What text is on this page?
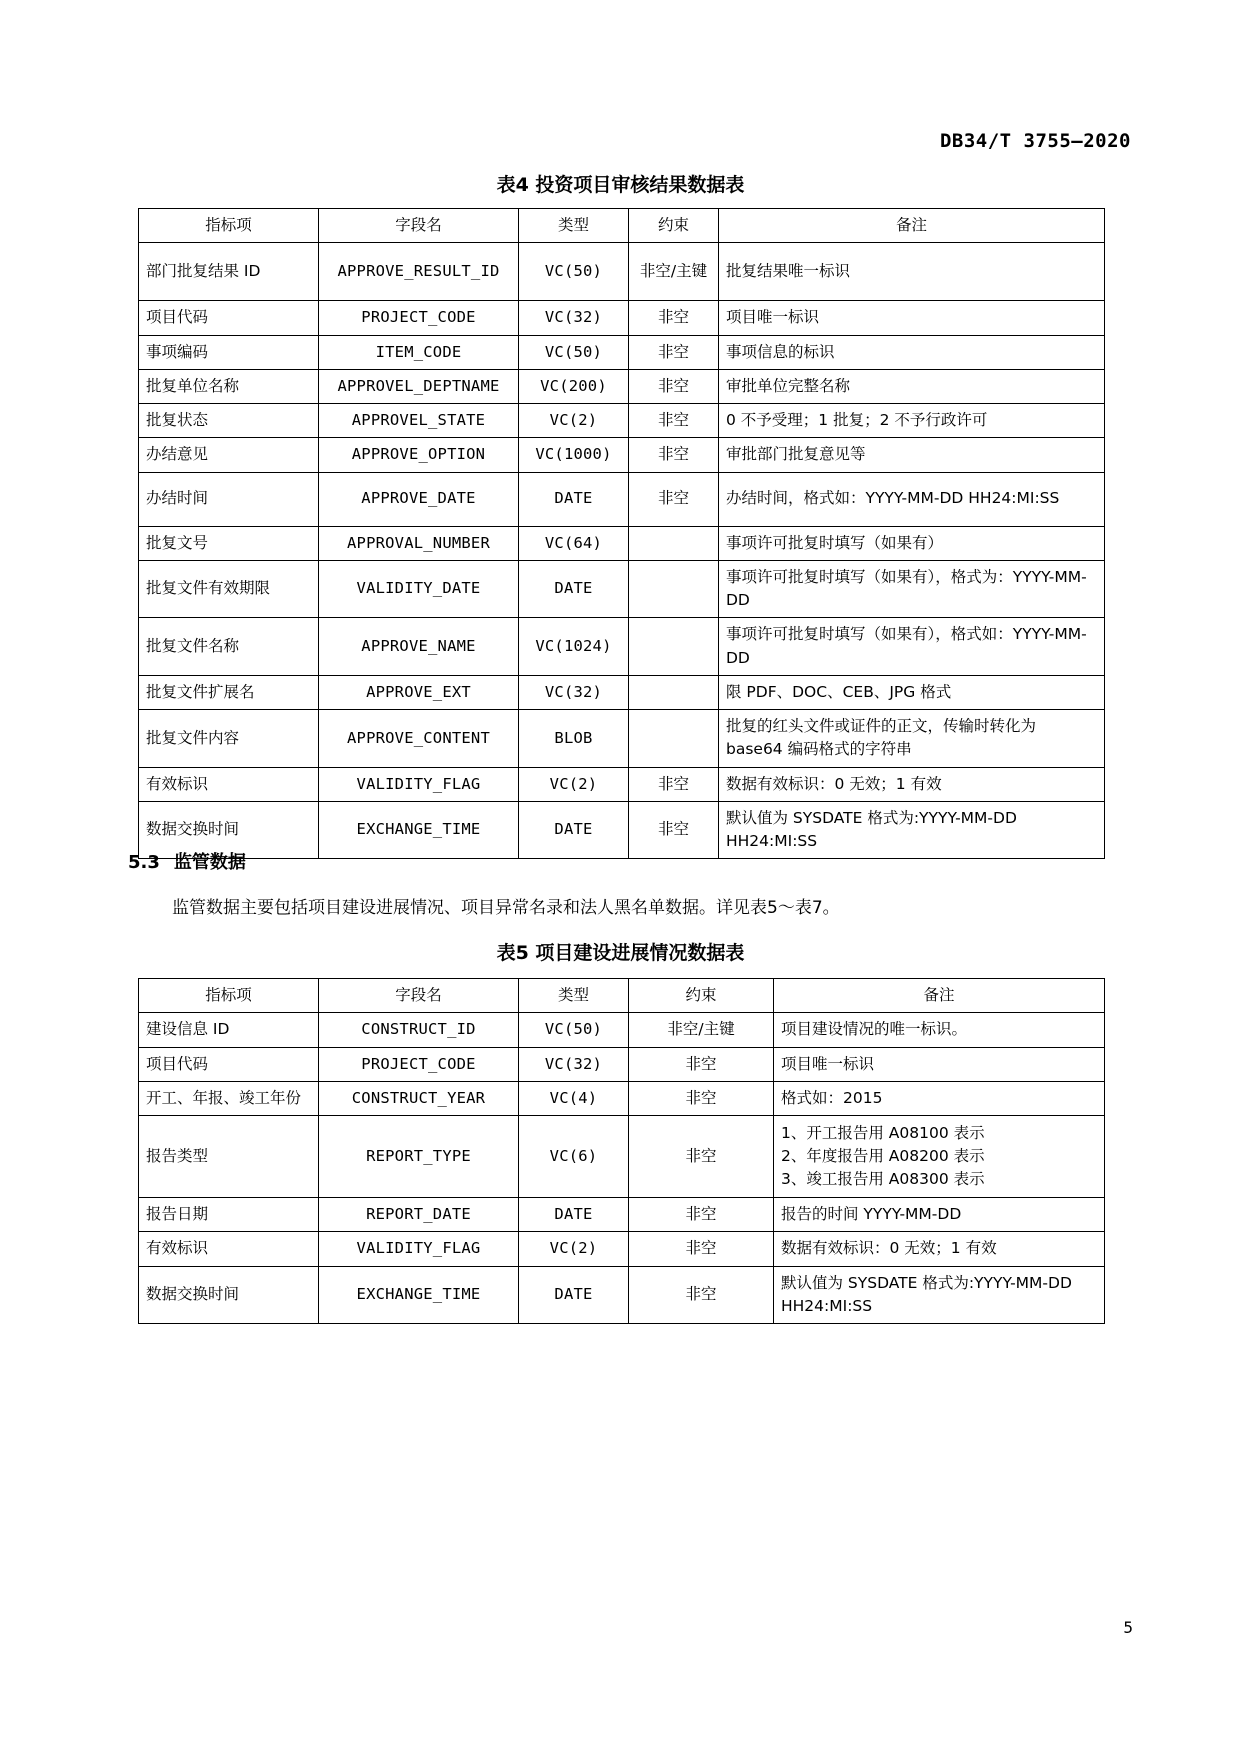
DB34/T 3755—2020
表4 投资项目审核结果数据表
指标项	字段名	类型	约束	备注

部门批复结果 ID	APPROVE_RESULT_ID	VC(50)	非空/主键	批复结果唯一标识

项目代码	PROJECT_CODE	VC(32)	非空	项目唯一标识

事项编码	ITEM_CODE	VC(50)	非空	事项信息的标识

批复单位名称	APPROVEL_DEPTNAME	VC(200)	非空	审批单位完整名称

批复状态	APPROVEL_STATE	VC(2)	非空	0 不予受理；1 批复；2 不予行政许可

办结意见	APPROVE_OPTION	VC(1000)	非空	审批部门批复意见等

办结时间	APPROVE_DATE	DATE	非空	办结时间，格式如：YYYY-MM-DD HH24:MI:SS

批复文号	APPROVAL_NUMBER	VC(64)		事项许可批复时填写（如果有）

批复文件有效期限	VALIDITY_DATE	DATE		事项许可批复时填写（如果有），格式为：YYYY-MM-DD

批复文件名称	APPROVE_NAME	VC(1024)		事项许可批复时填写（如果有），格式如：YYYY-MM-DD

批复文件扩展名	APPROVE_EXT	VC(32)		限 PDF、DOC、CEB、JPG 格式

批复文件内容	APPROVE_CONTENT	BLOB		批复的红头文件或证件的正文，传输时转化为 base64 编码格式的字符串

有效标识	VALIDITY_FLAG	VC(2)	非空	数据有效标识：0 无效；1 有效

数据交换时间	EXCHANGE_TIME	DATE	非空	默认值为 SYSDATE 格式为:YYYY-MM-DD HH24:MI:SS
5.3 监管数据
监管数据主要包括项目建设进展情况、项目异常名录和法人黑名单数据。详见表5～表7。
表5 项目建设进展情况数据表
指标项	字段名	类型	约束	备注

建设信息 ID	CONSTRUCT_ID	VC(50)	非空/主键	项目建设情况的唯一标识。

项目代码	PROJECT_CODE	VC(32)	非空	项目唯一标识

开工、年报、竣工年份	CONSTRUCT_YEAR	VC(4)	非空	格式如：2015

报告类型	REPORT_TYPE	VC(6)	非空	1、开工报告用 A08100 表示
2、年度报告用 A08200 表示
3、竣工报告用 A08300 表示

报告日期	REPORT_DATE	DATE	非空	报告的时间 YYYY-MM-DD

有效标识	VALIDITY_FLAG	VC(2)	非空	数据有效标识：0 无效；1 有效

数据交换时间	EXCHANGE_TIME	DATE	非空	默认值为 SYSDATE 格式为:YYYY-MM-DD HH24:MI:SS
5
